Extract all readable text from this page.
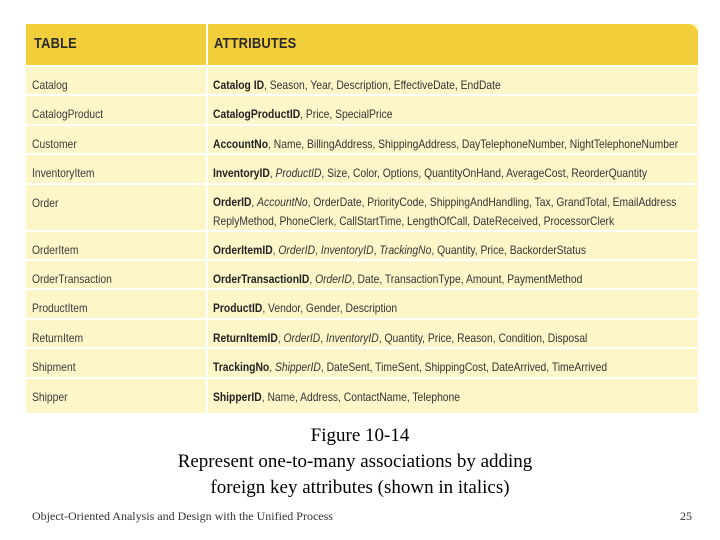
TABLE	ATTRIBUTES
Catalog	Catalog ID, Season, Year, Description, EffectiveDate, EndDate
CatalogProduct	CatalogProductID, Price, SpecialPrice
Customer	AccountNo, Name, BillingAddress, ShippingAddress, DayTelephoneNumber, NightTelephoneNumber
InventoryItem	InventoryID, ProductID, Size, Color, Options, QuantityOnHand, AverageCost, ReorderQuantity
Order	OrderID, AccountNo, OrderDate, PriorityCode, ShippingAndHandling, Tax, GrandTotal, EmailAddress
ReplyMethod, PhoneClerk, CallStartTime, LengthOfCall, DateReceived, ProcessorClerk
OrderItem	OrderItemID, OrderID, InventoryID, TrackingNo, Quantity, Price, BackorderStatus
OrderTransaction	OrderTransactionID, OrderID, Date, TransactionType, Amount, PaymentMethod
ProductItem	ProductID, Vendor, Gender, Description
ReturnItem	ReturnItemID, OrderID, InventoryID, Quantity, Price, Reason, Condition, Disposal
Shipment	TrackingNo, ShipperID, DateSent, TimeSent, ShippingCost, DateArrived, TimeArrived
Shipper	ShipperID, Name, Address, ContactName, Telephone
Figure 10-14
Represent one-to-many associations by adding
foreign key attributes (shown in italics)
Object-Oriented Analysis and Design with the Unified Process	25
